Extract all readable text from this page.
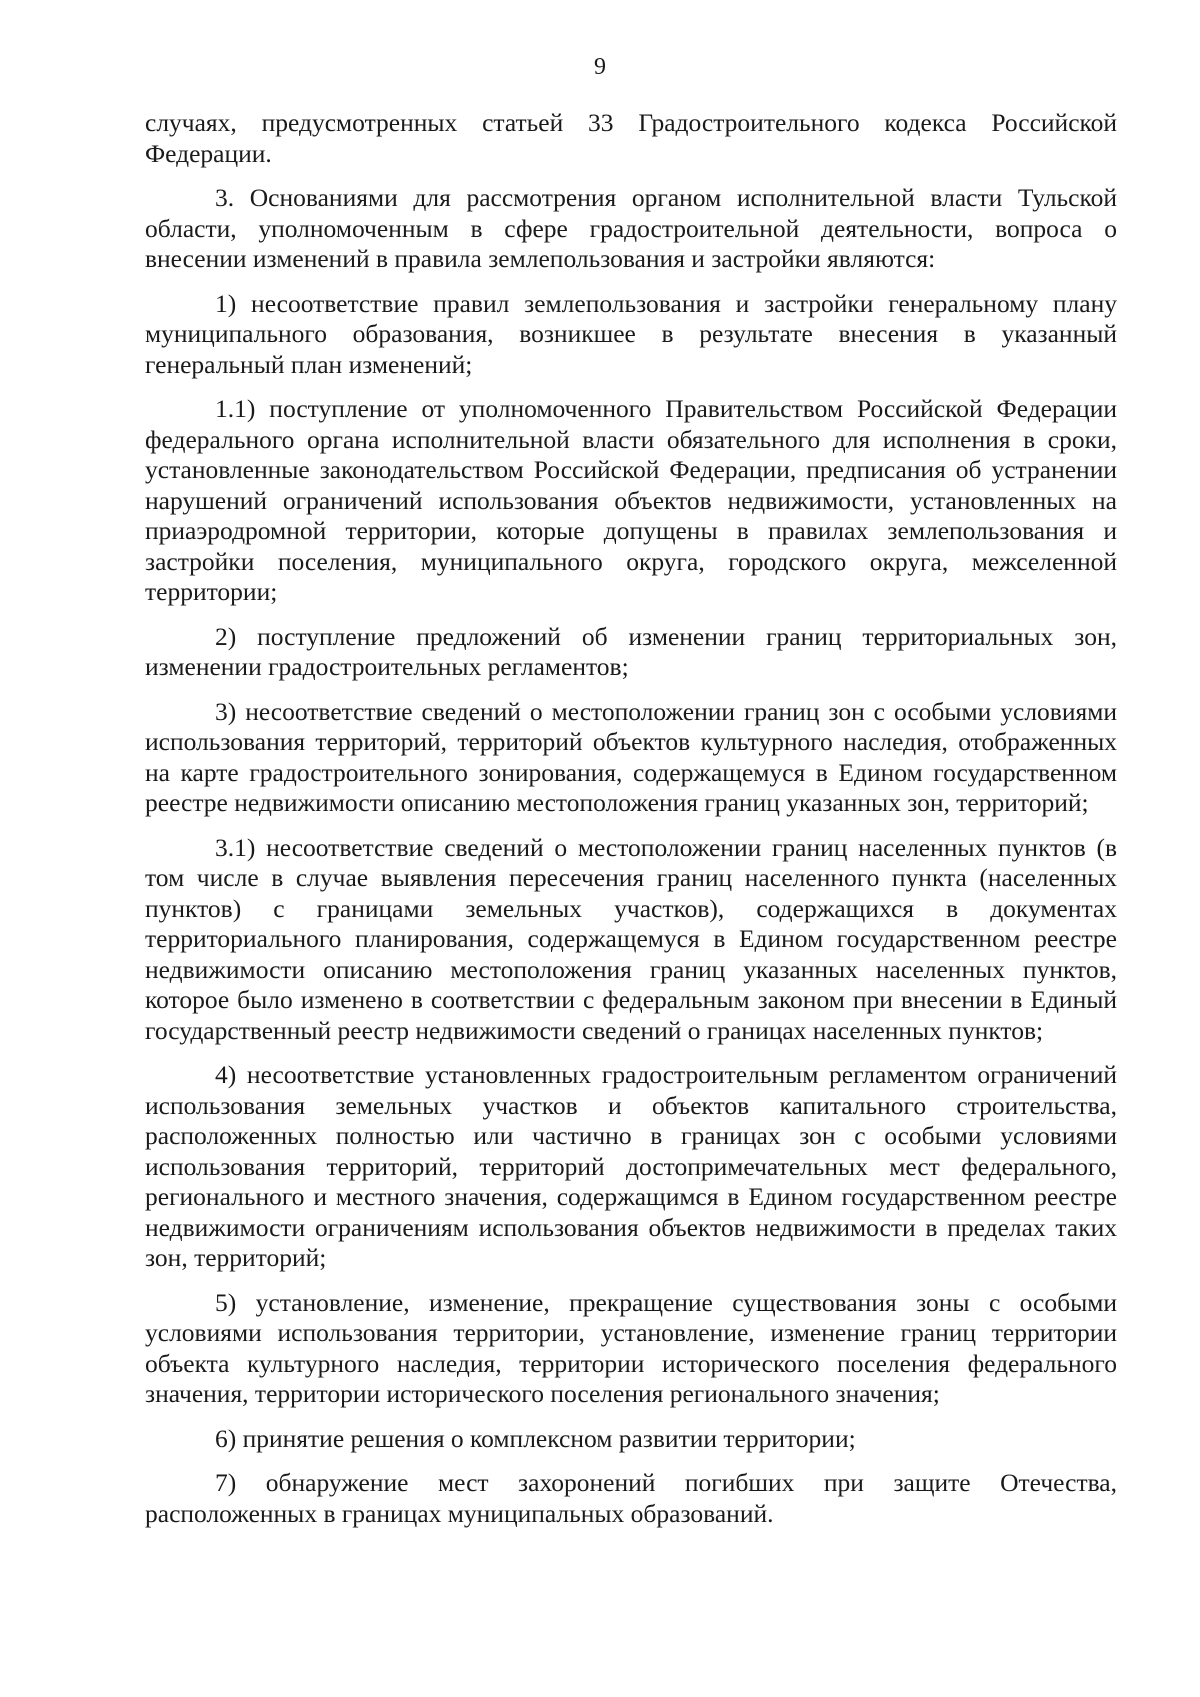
9

случаях, предусмотренных статьей 33 Градостроительного кодекса Российской Федерации.

3. Основаниями для рассмотрения органом исполнительной власти Тульской области, уполномоченным в сфере градостроительной деятельности, вопроса о внесении изменений в правила землепользования и застройки являются:

1) несоответствие правил землепользования и застройки генеральному плану муниципального образования, возникшее в результате внесения в указанный генеральный план изменений;

1.1) поступление от уполномоченного Правительством Российской Федерации федерального органа исполнительной власти обязательного для исполнения в сроки, установленные законодательством Российской Федерации, предписания об устранении нарушений ограничений использования объектов недвижимости, установленных на приаэродромной территории, которые допущены в правилах землепользования и застройки поселения, муниципального округа, городского округа, межселенной территории;

2) поступление предложений об изменении границ территориальных зон, изменении градостроительных регламентов;

3) несоответствие сведений о местоположении границ зон с особыми условиями использования территорий, территорий объектов культурного наследия, отображенных на карте градостроительного зонирования, содержащемуся в Едином государственном реестре недвижимости описанию местоположения границ указанных зон, территорий;

3.1) несоответствие сведений о местоположении границ населенных пунктов (в том числе в случае выявления пересечения границ населенного пункта (населенных пунктов) с границами земельных участков), содержащихся в документах территориального планирования, содержащемуся в Едином государственном реестре недвижимости описанию местоположения границ указанных населенных пунктов, которое было изменено в соответствии с федеральным законом при внесении в Единый государственный реестр недвижимости сведений о границах населенных пунктов;

4) несоответствие установленных градостроительным регламентом ограничений использования земельных участков и объектов капитального строительства, расположенных полностью или частично в границах зон с особыми условиями использования территорий, территорий достопримечательных мест федерального, регионального и местного значения, содержащимся в Едином государственном реестре недвижимости ограничениям использования объектов недвижимости в пределах таких зон, территорий;

5) установление, изменение, прекращение существования зоны с особыми условиями использования территории, установление, изменение границ территории объекта культурного наследия, территории исторического поселения федерального значения, территории исторического поселения регионального значения;

6) принятие решения о комплексном развитии территории;

7) обнаружение мест захоронений погибших при защите Отечества, расположенных в границах муниципальных образований.
